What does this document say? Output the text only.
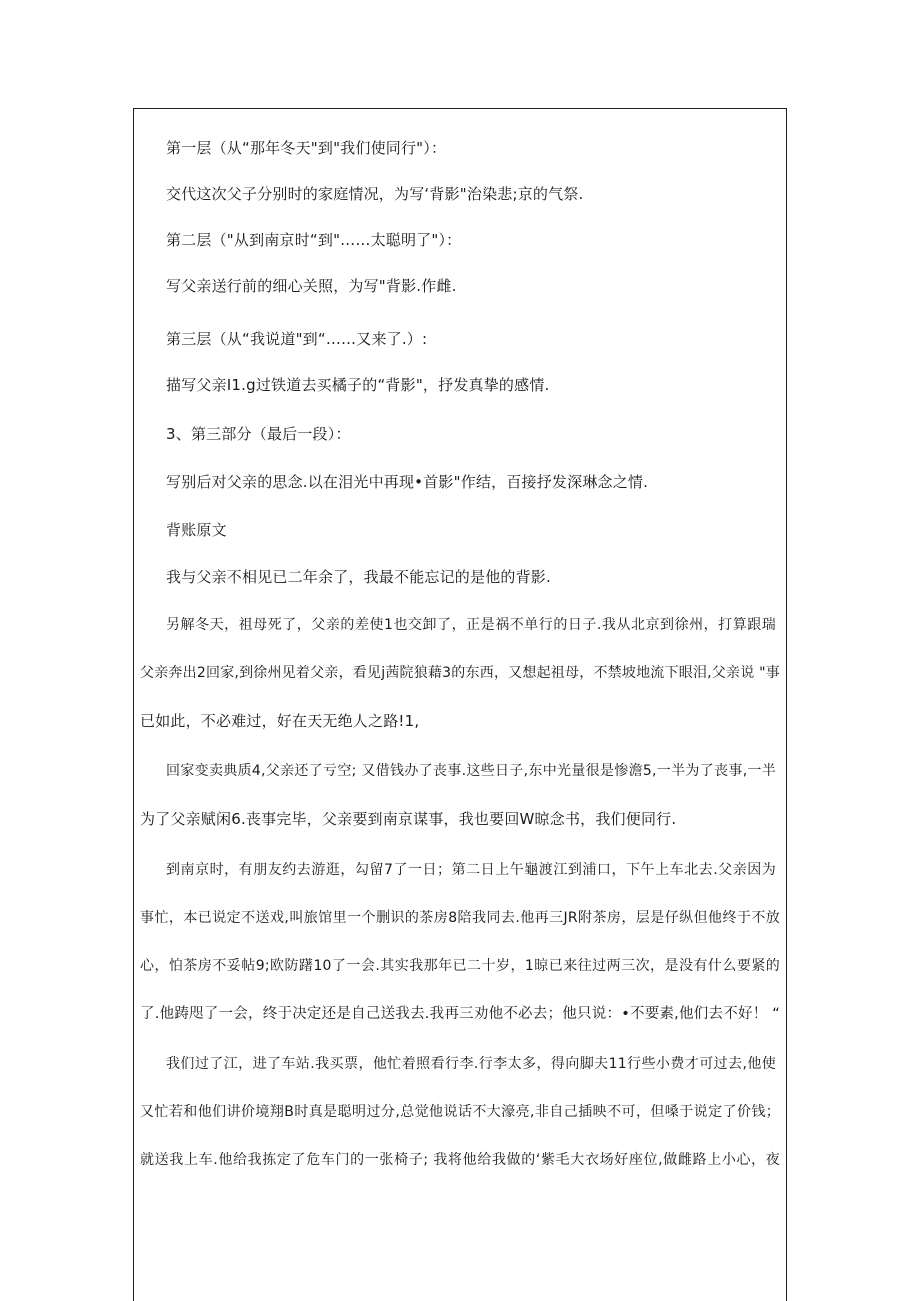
第一层（从“那年冬天"到"我们使同行"）：
交代这次父子分别时的家庭情况，为写‘背影"治染悲;京的气祭.
第二层（"从到南京时“到"……太聪明了"）：
写父亲送行前的细心关照，为写"背影.作雌.
第三层（从“我说道"到“……又来了.）:
描写父亲I1.g过铁道去买橘子的“背影"，抒发真挚的感情.
3、第三部分（最后一段）：
写别后对父亲的思念.以在泪光中再现•首影"作结，百接抒发深琳念之情.
背账原文
我与父亲不相见已二年余了，我最不能忘记的是他的背影.
另解冬天，祖母死了，父亲的差使1也交卸了，正是祸不单行的日子.我从北京到徐州，打算跟瑞
父亲奔出2回家,到徐州见着父亲，看见j茜院狼藉3的东西，又想起祖母，不禁坡地流下眼泪,父亲说 "事
已如此，不必难过，好在天无绝人之路!1,
回家变卖典质4,父亲还了亏空; 又借钱办了丧事.这些日子,东中光量很是惨澹5,一半为了丧事,一半
为了父亲赋闲6.丧事完毕，父亲要到南京谋事，我也要回W晾念书，我们便同行.
到南京时，有朋友约去游逛，勾留7了一日；第二日上午龜渡江到浦口，下午上车北去.父亲因为
事忙，本已说定不送戏,叫旅馆里一个删识的茶房8陪我同去.他再三JR附茶房，层是仔纵但他终于不放
心，怕茶房不妥帖9;欧防躇10了一会.其实我那年已二十岁，1晾已来往过两三次，是没有什么要紧的
了.他踌咫了一会，终于决定还是自己送我去.我再三劝他不必去；他只说：•不要素,他们去不好！ “
我们过了江，进了车站.我买票，他忙着照看行李.行李太多，得向脚夫11行些小费才可过去,他使
又忙若和他们讲价境翔B时真是聪明过分,总觉他说话不大濠亮,非自己插映不可，但嗓于说定了价钱；
就送我上车.他给我拣定了危车门的一张椅子; 我将他给我做的‘紫毛大衣场好座位,做雌路上小心，夜
